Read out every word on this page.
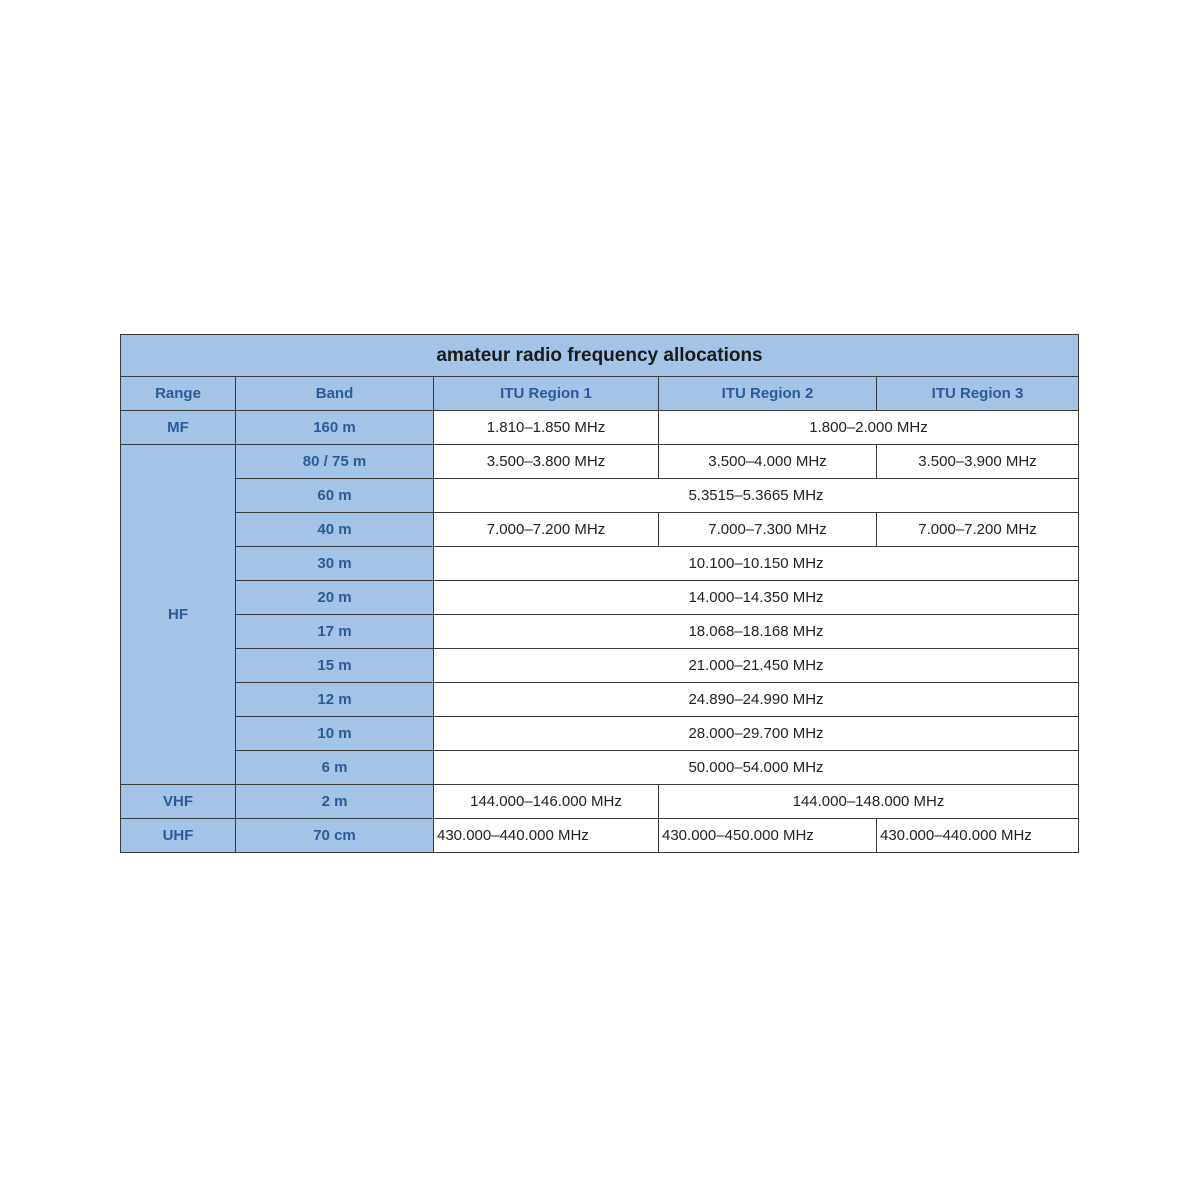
amateur radio frequency allocations				
Range	Band	ITU Region 1	ITU Region 2	ITU Region 3
MF	160 m	1.810–1.850 MHz	1.800–2.000 MHz	
HF	80 / 75 m	3.500–3.800 MHz	3.500–4.000 MHz	3.500–3.900 MHz
	60 m	5.3515–5.3665 MHz		
	40 m	7.000–7.200 MHz	7.000–7.300 MHz	7.000–7.200 MHz
	30 m	10.100–10.150 MHz		
	20 m	14.000–14.350 MHz		
	17 m	18.068–18.168 MHz		
	15 m	21.000–21.450 MHz		
	12 m	24.890–24.990 MHz		
	10 m	28.000–29.700 MHz		
	6 m	50.000–54.000 MHz		
VHF	2 m	144.000–146.000 MHz	144.000–148.000 MHz	
UHF	70 cm	430.000–440.000 MHz	430.000–450.000 MHz	430.000–440.000 MHz
